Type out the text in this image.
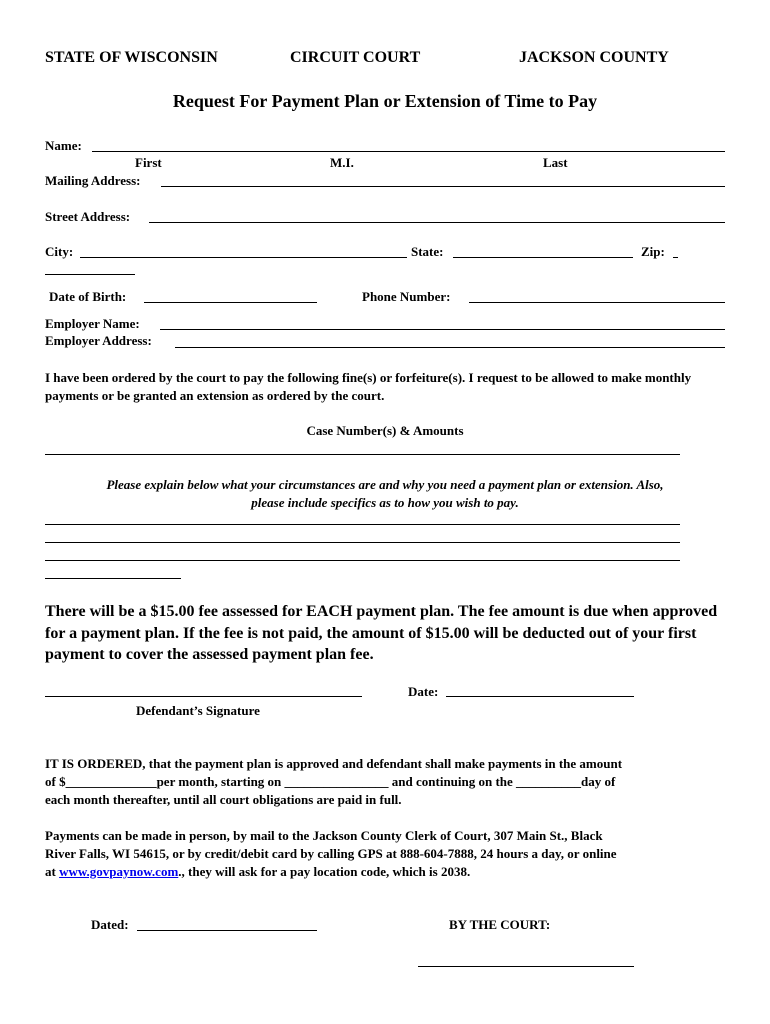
STATE OF WISCONSIN	CIRCUIT COURT	JACKSON COUNTY
Request For Payment Plan or Extension of Time to Pay
Name:
First	M.I.	Last
Mailing Address:
Street Address:
City:	State:	Zip:
Date of Birth:	Phone Number:
Employer Name:
Employer Address:
I have been ordered by the court to pay the following fine(s) or forfeiture(s). I request to be allowed to make monthly payments or be granted an extension as ordered by the court.
Case Number(s) & Amounts
Please explain below what your circumstances are and why you need a payment plan or extension. Also,
please include specifics as to how you wish to pay.
There will be a $15.00 fee assessed for EACH payment plan. The fee amount is due when approved for a payment plan. If the fee is not paid, the amount of $15.00 will be deducted out of your first payment to cover the assessed payment plan fee.
Date:
Defendant’s Signature
IT IS ORDERED, that the payment plan is approved and defendant shall make payments in the amount
of $______________per month, starting on ________________ and continuing on the __________day of
each month thereafter, until all court obligations are paid in full.
Payments can be made in person, by mail to the Jackson County Clerk of Court, 307 Main St., Black
River Falls, WI 54615, or by credit/debit card by calling GPS at 888-604-7888, 24 hours a day, or online
at www.govpaynow.com., they will ask for a pay location code, which is 2038.
Dated:	BY THE COURT:
